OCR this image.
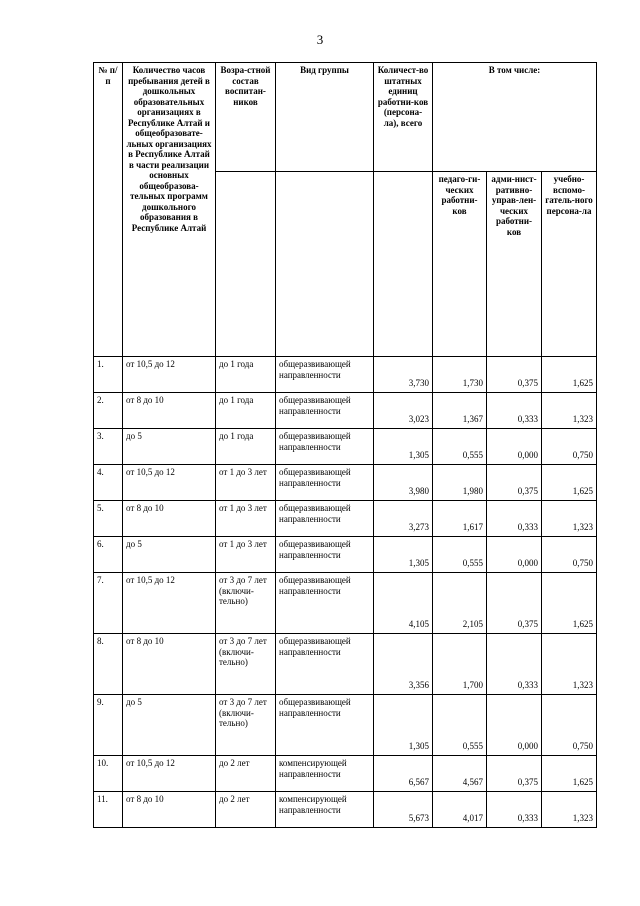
3
№ п/п	Количество часов пребывания детей в дошкольных образовательных организациях в Республике Алтай и общеобразовате-льных организациях в Республике Алтай в части реализации основных общеобразова-тельных программ дошкольного образования в Республике Алтай	Возра-стной состав воспитан-ников	Вид группы	Количест-во штатных единиц работни-ков (персона-ла), всего	В том числе:		
					педаго-ги-ческих работни-ков	адми-нист-ративно-управ-лен-ческих работни-ков	учебно-вспомо-гатель-ного персона-ла
1.	от 10,5 до 12	до 1 года	общеразвивающей направленности	3,730	1,730	0,375	1,625
2.	от 8 до 10	до 1 года	общеразвивающей направленности	3,023	1,367	0,333	1,323
3.	до 5	до 1 года	общеразвивающей направленности	1,305	0,555	0,000	0,750
4.	от 10,5 до 12	от 1 до 3 лет	общеразвивающей направленности	3,980	1,980	0,375	1,625
5.	от 8 до 10	от 1 до 3 лет	общеразвивающей направленности	3,273	1,617	0,333	1,323
6.	до 5	от 1 до 3 лет	общеразвивающей направленности	1,305	0,555	0,000	0,750
7.	от 10,5 до 12	от 3 до 7 лет (включи-тельно)	общеразвивающей направленности	4,105	2,105	0,375	1,625
8.	от 8 до 10	от 3 до 7 лет (включи-тельно)	общеразвивающей направленности	3,356	1,700	0,333	1,323
9.	до 5	от 3 до 7 лет (включи-тельно)	общеразвивающей направленности	1,305	0,555	0,000	0,750
10.	от 10,5 до 12	до 2 лет	компенсирующей направленности	6,567	4,567	0,375	1,625
11.	от 8 до 10	до 2 лет	компенсирующей направленности	5,673	4,017	0,333	1,323
